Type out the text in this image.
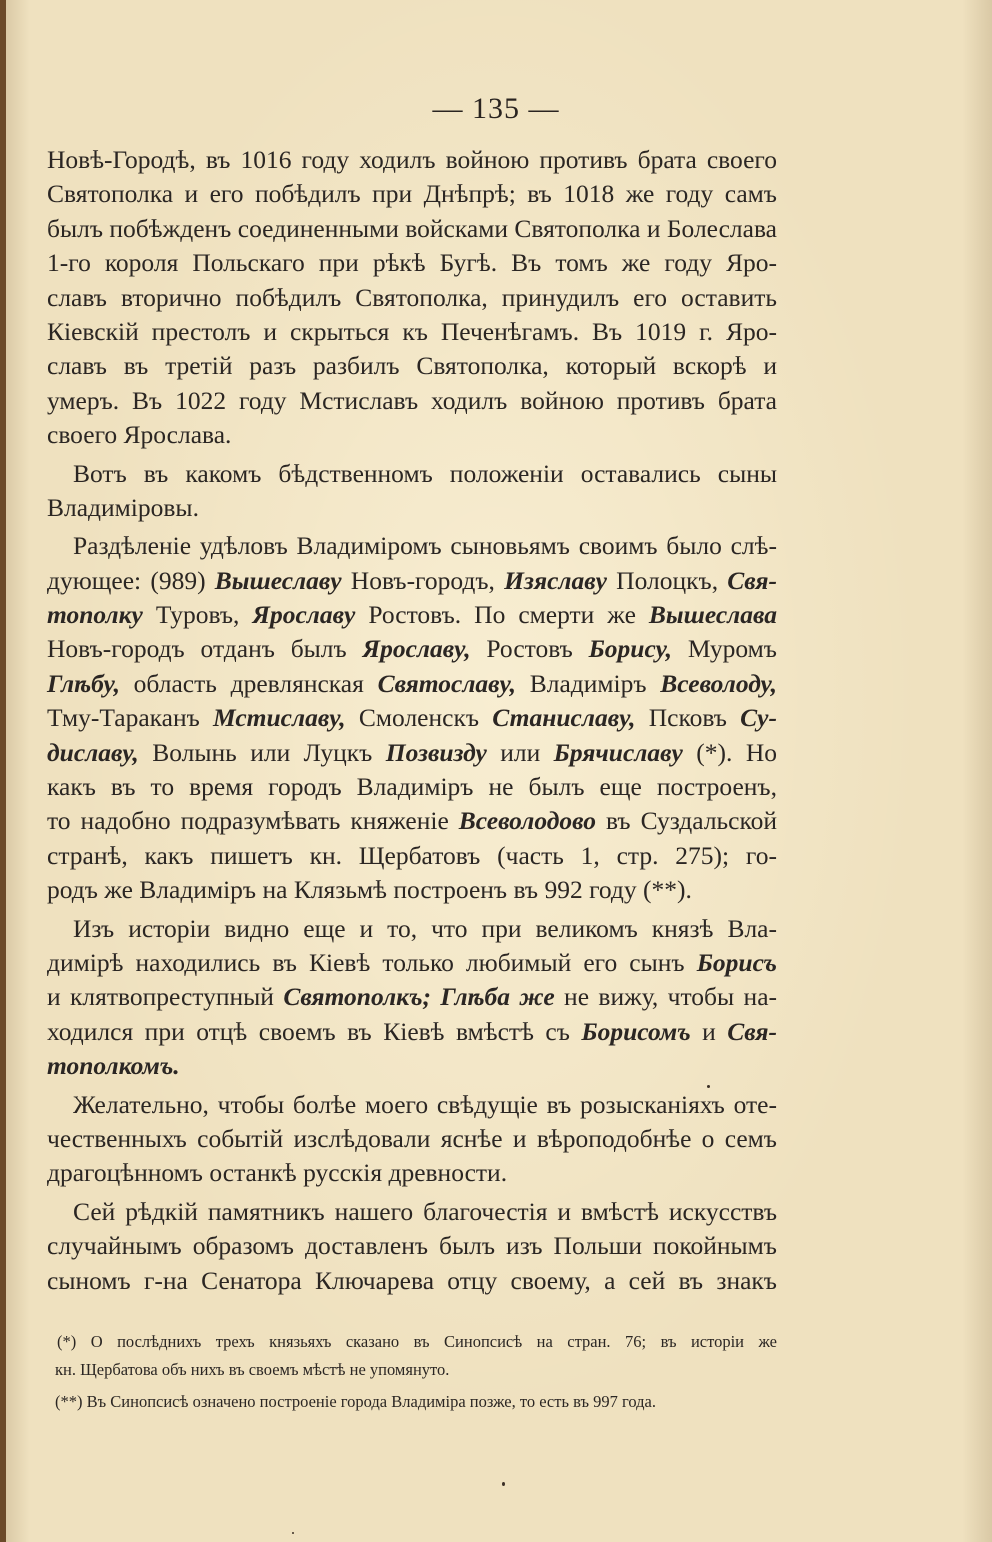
— 135 —
Новѣ-Городѣ, въ 1016 году ходилъ войною противъ брата своего
Святополка и его побѣдилъ при Днѣпрѣ; въ 1018 же году самъ
былъ побѣжденъ соединенными войсками Святополка и Болеслава
1-го короля Польскаго при рѣкѣ Бугѣ. Въ томъ же году Яро-
славъ вторично побѣдилъ Святополка, принудилъ его оставить
Кіевскій престолъ и скрыться къ Печенѣгамъ. Въ 1019 г. Яро-
славъ въ третій разъ разбилъ Святополка, который вскорѣ и
умеръ. Въ 1022 году Мстиславъ ходилъ войною противъ брата
своего Ярослава.
Вотъ въ какомъ бѣдственномъ положеніи оставались сыны
Владиміровы.
Раздѣленіе удѣловъ Владиміромъ сыновьямъ своимъ было слѣ-
дующее: (989) Вышеславу Новъ-городъ, Изяславу Полоцкъ, Свя-
тополку Туровъ, Ярославу Ростовъ. По смерти же Вышеслава
Новъ-городъ отданъ былъ Ярославу, Ростовъ Борису, Муромъ
Глѣбу, область древлянская Святославу, Владиміръ Всеволоду,
Тму-Тараканъ Мстиславу, Смоленскъ Станиславу, Псковъ Су-
диславу, Волынь или Луцкъ Позвизду или Брячиславу (*). Но
какъ въ то время городъ Владиміръ не былъ еще построенъ,
то надобно подразумѣвать княженіе Всеволодово въ Суздальской
странѣ, какъ пишетъ кн. Щербатовъ (часть 1, стр. 275); го-
родъ же Владиміръ на Клязьмѣ построенъ въ 992 году (**).
Изъ исторіи видно еще и то, что при великомъ князѣ Вла-
димірѣ находились въ Кіевѣ только любимый его сынъ Борисъ
и клятвопреступный Святополкъ; Глѣба же не вижу, чтобы на-
ходился при отцѣ своемъ въ Кіевѣ вмѣстѣ съ Борисомъ и Свя-
тополкомъ.
Желательно, чтобы болѣе моего свѣдущіе въ розысканіяхъ оте-
чественныхъ событій изслѣдовали яснѣе и вѣроподобнѣе о семъ
драгоцѣнномъ останкѣ русскія древности.
Сей рѣдкій памятникъ нашего благочестія и вмѣстѣ искусствъ
случайнымъ образомъ доставленъ былъ изъ Польши покойнымъ
сыномъ г-на Сенатора Ключарева отцу своему, а сей въ знакъ
(*) О послѣднихъ трехъ князьяхъ сказано въ Синопсисѣ на стран. 76; въ исторіи же
кн. Щербатова объ нихъ въ своемъ мѣстѣ не упомянуто.
(**) Въ Синопсисѣ означено построеніе города Владиміра позже, то есть въ 997 года.
